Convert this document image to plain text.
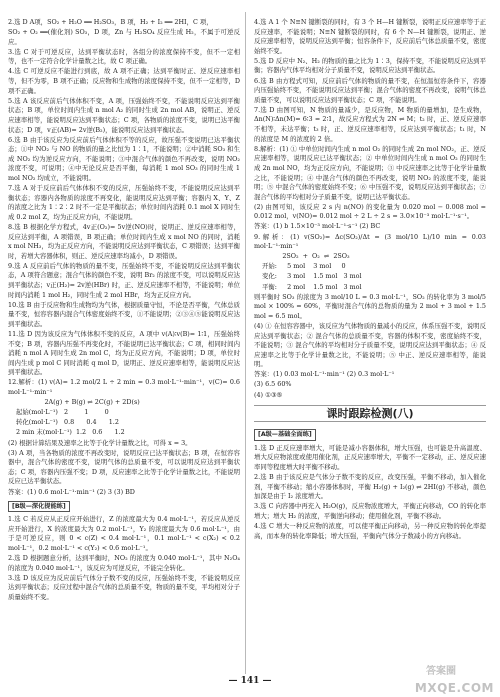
2.选 D A项，SO₂ + H₂O ══ H₂SO₃，B 项，H₂ + I₂ ══ 2HI，C 项，
SO₂ + O₂ ══(催化剂) SO₃，D 项，Zn 与 H₂SO₄ 反应生成 H₂，不属于可逆反应。
3.选 C 对于可逆反应，达到平衡状态时，各组分的浓度保持不变，但不一定相等，也不一定符合化学计量数之比，故 C 项正确。
4.选 C 可逆反应不能进行到底，故 A 项不正确；达到平衡时正、逆反应速率相等，但不为零，B 项不正确；反应物和生成物的浓度保持不变，但不一定相等，D 项不正确。
5.选 A 该反应前后气体体积不变，A 项，压强始终不变，不能说明反应达到平衡状态；B 项，单位时间内生成 n mol A₂ 的同时生成 2n mol AB，说明正、逆反应速率相等，能说明反应达到平衡状态；C 项，各物质的浓度不变，说明已达平衡状态；D 项，v正(AB)= 2v逆(B₂)，能说明反应达到平衡状态。
6.选 B 由于该反应为反应前后气体体积不等的反应，故压强不变说明已达平衡状态；①中 NO₂ 与 NO 的物质的量之比恒为 1∶1，不能说明；②中消耗 SO₃ 和生成 NO₂ 均为逆反应方向，不能说明；③中混合气体的颜色不再改变，说明 NO₂ 浓度不变，可说明；④中无论反应是否平衡，每消耗 1 mol SO₃ 的同时生成 1 mol NO₂ 均成立，不能说明。
7.选 A 对于反应前后气体体积不变的反应，压强始终不变，不能说明反应达到平衡状态；容器内各物质的浓度不再变化，能说明反应达到平衡；容器内 X、Y、Z 的浓度之比为 1∶2∶2 时不一定是平衡状态；单位时间内消耗 0.1 mol X 同时生成 0.2 mol Z，均为正反应方向，不能说明。
8.选 B 根据化学方程式，4v正(O₂)= 5v逆(NO)时，说明正、逆反应速率相等，反应达到平衡，A 项错误，B 项正确；单位时间内生成 x mol NO 的同时，消耗 x mol NH₃，均为正反应方向，不能说明反应达到平衡状态，C 项错误；达到平衡时，若增大容器体积，则正、逆反应速率均减小，D 项错误。
9.选 A 反应前后气体的物质的量不变，压强始终不变，不能说明反应达到平衡状态，A 项符合题意；混合气体的颜色不变，说明 Br₂ 的浓度不变，可以说明反应达到平衡状态；v正(H₂)= 2v逆(HBr) 时，正、逆反应速率不相等，不能说明；单位时间内消耗 1 mol H₂，同时生成 2 mol HBr，均为正反应方向。
10.选 B 由于反应物和生成物均为气体，根据质量守恒，不论是否平衡，气体总质量不变，恒容容器内混合气体密度始终不变，①不能说明；②③④⑤能说明反应达到平衡状态。
11.选 D 因为该反应为气体体积不变的反应，A 项中 v(A)∶v(B)= 1∶1，压强始终不变；B 项，容器内压强不再变化时，不能说明已达平衡状态；C 项，相同时间内消耗 n mol A 同时生成 2n mol C，均为正反应方向，不能说明；D 项，单位时间内生成 p mol C 同时消耗 q mol D，说明正、逆反应速率相等，能说明反应达到平衡状态。
12.解析：(1) v(A)= 1.2 mol/2 L ÷ 2 min = 0.3 mol·L⁻¹·min⁻¹，v(C)= 0.6 mol·L⁻¹·min⁻¹
2A(g) + B(g) ⇌ 2C(g) + 2D(s)
起始(mol·L⁻¹)   2        1        0
转化(mol·L⁻¹)   0.8      0.4      1.2
2 min 末(mol·L⁻¹)  1.2   0.6      1.2
(2) 根据计算结果及速率之比等于化学计量数之比，可得 x = 3。
(3) A 项，当各物质的浓度不再改变时，说明反应已达平衡状态；B 项，在恒容容器中，混合气体的密度不变，说明气体的总质量不变，可以说明反应达到平衡状态；C 项，容器内压强不变；D 项，反应速率之比等于化学计量数之比，不能说明反应已达平衡状态。
答案：(1) 0.6 mol·L⁻¹·min⁻¹ (2) 3 (3) BD
[B级—深化提能练]
1.选 C 若反应从正反应开始进行，Z 的浓度最大为 0.4 mol·L⁻¹，若反应从逆反应开始进行，X 的浓度最大为 0.2 mol·L⁻¹，Y₂ 的浓度最大为 0.6 mol·L⁻¹，由于是可逆反应，则 0 < c(Z) < 0.4 mol·L⁻¹，0.1 mol·L⁻¹ < c(X₂) < 0.2 mol·L⁻¹，0.2 mol·L⁻¹ < c(Y₂) < 0.6 mol·L⁻¹。
2.选 D 根据题意分析，达到平衡时，NO₂ 的浓度为 0.040 mol·L⁻¹，其中 N₂O₄ 的浓度为 0.040 mol·L⁻¹，该反应为可逆反应，不能完全转化。
3.选 D 该反应为反应前后气体分子数不变的反应，压强始终不变，不能说明反应达到平衡状态；反应过程中混合气体的总质量不变，物质的量不变，平均相对分子质量始终不变。
4.选 A 1 个 N≡N 键断裂的同时，有 3 个 H—H 键断裂，说明正反应速率等于正反应速率，不能说明；N≡N 键断裂的同时，有 6 个 N—H 键断裂，说明正、逆反应速率相等，说明反应达到平衡；恒容条件下，反应前后气体总质量不变，密度始终不变。
5.选 D 反应中 N₂、H₂ 的物质的量之比为 1∶3，保持不变，不能说明反应达到平衡；容器内气体平均相对分子质量不变，说明反应达到平衡状态。
6.选 B 由方程式可知，反应前后气体的物质的量不变，在恒温恒容条件下，容器内压强始终不变，不能说明反应达到平衡；混合气体的密度不再改变，说明气体总质量不变，可以说明反应达到平衡状态；C 项，不能说明。
7.选 D 由图可知，N 物质的量减少，是反应物，M 物质的量增加，是生成物，Δn(N)∶Δn(M)= 6∶3 = 2∶1，故反应方程式为 2N ⇌ M；t₂ 时，正、逆反应速率不相等，未达平衡；t₃ 时，正、逆反应速率相等，反应达到平衡状态；t₁ 时，N 的浓度是 M 的浓度的 2 倍。
8.解析：(1) ① 中单位时间内生成 n mol O₂ 的同时生成 2n mol NO₂，正、逆反应速率相等，说明反应已达平衡状态；② 中单位时间内生成 n mol O₂ 的同时生成 2n mol NO，均为正反应方向，不能说明；③ 中反应速率之比等于化学计量数之比，不能说明；④ 中混合气体的颜色不再改变，说明 NO₂ 的浓度不变，能说明；⑤ 中混合气体的密度始终不变；⑥ 中压强不变，说明反应达到平衡状态；⑦ 混合气体的平均相对分子质量不变，说明已达平衡状态。
(2) 由图可知，该反应 2 s 内 n(NO) 的变化量为 0.020 mol − 0.008 mol = 0.012 mol，v(NO)= 0.012 mol ÷ 2 L ÷ 2 s = 3.0×10⁻³ mol·L⁻¹·s⁻¹。
答案：(1) b 1.5×10⁻³ mol·L⁻¹·s⁻¹ (2) BC
9.解析：(1) v(SO₂)= Δc(SO₂)/Δt = (3 mol/10 L)/10 min = 0.03 mol·L⁻¹·min⁻¹
2SO₂  +  O₂  ⇌  2SO₃
开始:     5 mol    3 mol     0
变化:     3 mol    1.5 mol   3 mol
平衡:     2 mol    1.5 mol   3 mol
则平衡时 SO₃ 的浓度为 3 mol/10 L = 0.3 mol·L⁻¹，SO₂ 的转化率为 3 mol/5 mol × 100% = 60%，平衡时混合气体的总物质的量为 2 mol + 3 mol + 1.5 mol = 6.5 mol。
(4) ① 在恒容容器中，该反应为气体物质的量减小的反应，体系压强不变，说明反应达到平衡状态；② 混合气体的总质量不变，容器的体积不变，密度始终不变，不能说明；③ 混合气体的平均相对分子质量不变，说明反应达到平衡状态；④ 反应速率之比等于化学计量数之比，不能说明；⑤ 中正、逆反应速率相等，能说明。
答案：(1) 0.03 mol·L⁻¹·min⁻¹ (2) 0.3 mol·L⁻¹
(3) 6.5 60%
(4) ①③⑤
课时跟踪检测(八)
[A级—基础全面练]
1.选 D 正反应速率增大，可能是减小容器体积，增大压强，也可能是升高温度、增大反应物浓度或使用催化剂，正反应速率增大，平衡不一定移动，正、逆反应速率同等程度增大时平衡不移动。
2.选 B 由于该反应是气体分子数不变的反应，改变压强，平衡不移动，加入催化剂，平衡不移动；缩小容器体积时，平衡 H₂(g) + I₂(g) ⇌ 2HI(g) 不移动，颜色加深是由于 I₂ 浓度增大。
3.选 C 向容器中再充入 H₂O(g)，反应物浓度增大，平衡正向移动，CO 的转化率增大；增大 H₂ 的浓度，平衡逆向移动；使用催化剂，平衡不移动。
4.选 C 增大一种反应物的浓度，可以使平衡正向移动，另一种反应物的转化率提高，而本身的转化率降低；增大压强，平衡向气体分子数减小的方向移动。
— 141 —
答案圈
MXQE.COM
